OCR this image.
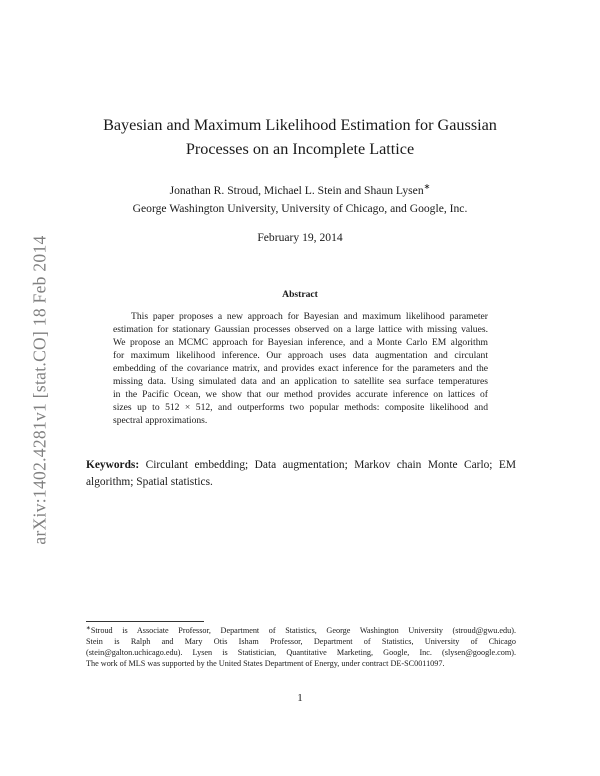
arXiv:1402.4281v1 [stat.CO] 18 Feb 2014
Bayesian and Maximum Likelihood Estimation for Gaussian
Processes on an Incomplete Lattice
Jonathan R. Stroud, Michael L. Stein and Shaun Lysen∗
George Washington University, University of Chicago, and Google, Inc.
February 19, 2014
Abstract
This paper proposes a new approach for Bayesian and maximum likelihood parameter
estimation for stationary Gaussian processes observed on a large lattice with missing values.
We propose an MCMC approach for Bayesian inference, and a Monte Carlo EM algorithm
for maximum likelihood inference. Our approach uses data augmentation and circulant
embedding of the covariance matrix, and provides exact inference for the parameters and the
missing data. Using simulated data and an application to satellite sea surface temperatures
in the Pacific Ocean, we show that our method provides accurate inference on lattices of
sizes up to 512 × 512, and outperforms two popular methods: composite likelihood and
spectral approximations.
Keywords: Circulant embedding; Data augmentation; Markov chain Monte Carlo; EM
algorithm; Spatial statistics.
∗Stroud is Associate Professor, Department of Statistics, George Washington University (stroud@gwu.edu).
Stein is Ralph and Mary Otis Isham Professor, Department of Statistics, University of Chicago
(stein@galton.uchicago.edu). Lysen is Statistician, Quantitative Marketing, Google, Inc. (slysen@google.com).
The work of MLS was supported by the United States Department of Energy, under contract DE-SC0011097.
1
